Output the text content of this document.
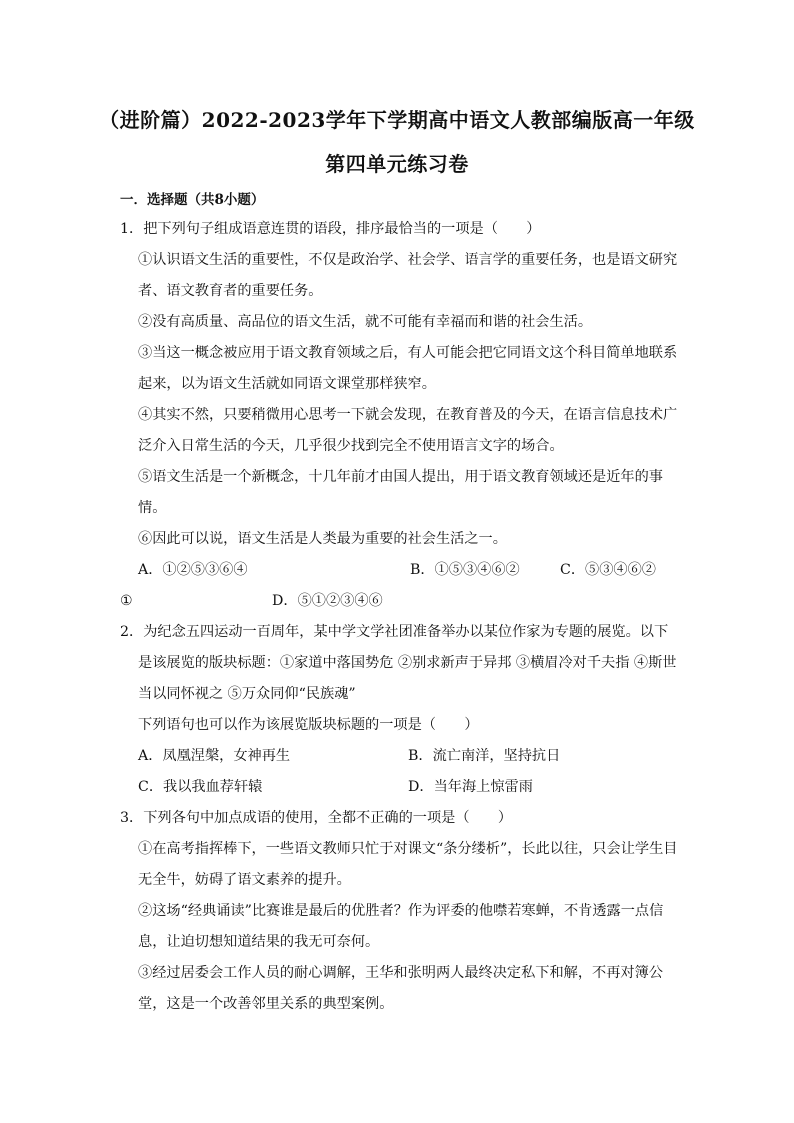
（进阶篇）2022-2023学年下学期高中语文人教部编版高一年级
第四单元练习卷
一．选择题（共8小题）
1．把下列句子组成语意连贯的语段，排序最恰当的一项是（　　）
①认识语文生活的重要性，不仅是政治学、社会学、语言学的重要任务，也是语文研究者、语文教育者的重要任务。
②没有高质量、高品位的语文生活，就不可能有幸福而和谐的社会生活。
③当这一概念被应用于语文教育领域之后，有人可能会把它同语文这个科目简单地联系起来，以为语文生活就如同语文课堂那样狭窄。
④其实不然，只要稍微用心思考一下就会发现，在教育普及的今天，在语言信息技术广泛介入日常生活的今天，几乎很少找到完全不使用语言文字的场合。
⑤语文生活是一个新概念，十几年前才由国人提出，用于语文教育领域还是近年的事情。
⑥因此可以说，语文生活是人类最为重要的社会生活之一。
A．①②⑤③⑥④	B．①⑤③④⑥②	C．⑤③④⑥②
①	D．⑤①②③④⑥
2．为纪念五四运动一百周年，某中学文学社团准备举办以某位作家为专题的展览。以下是该展览的版块标题：①家道中落国势危 ②别求新声于异邦 ③横眉冷对千夫指 ④斯世当以同怀视之 ⑤万众同仰“民族魂”
下列语句也可以作为该展览版块标题的一项是（　　）
A．凤凰涅槃，女神再生	B．流亡南洋，坚持抗日
C．我以我血荐轩辕	D．当年海上惊雷雨
3．下列各句中加点成语的使用，全都不正确的一项是（　　）
①在高考指挥棒下，一些语文教师只忙于对课文“条分缕析”，长此以往，只会让学生目无全牛，妨碍了语文素养的提升。
②这场“经典诵读”比赛谁是最后的优胜者？作为评委的他噤若寒蝉，不肯透露一点信息，让迫切想知道结果的我无可奈何。
③经过居委会工作人员的耐心调解，王华和张明两人最终决定私下和解，不再对簿公堂，这是一个改善邻里关系的典型案例。
